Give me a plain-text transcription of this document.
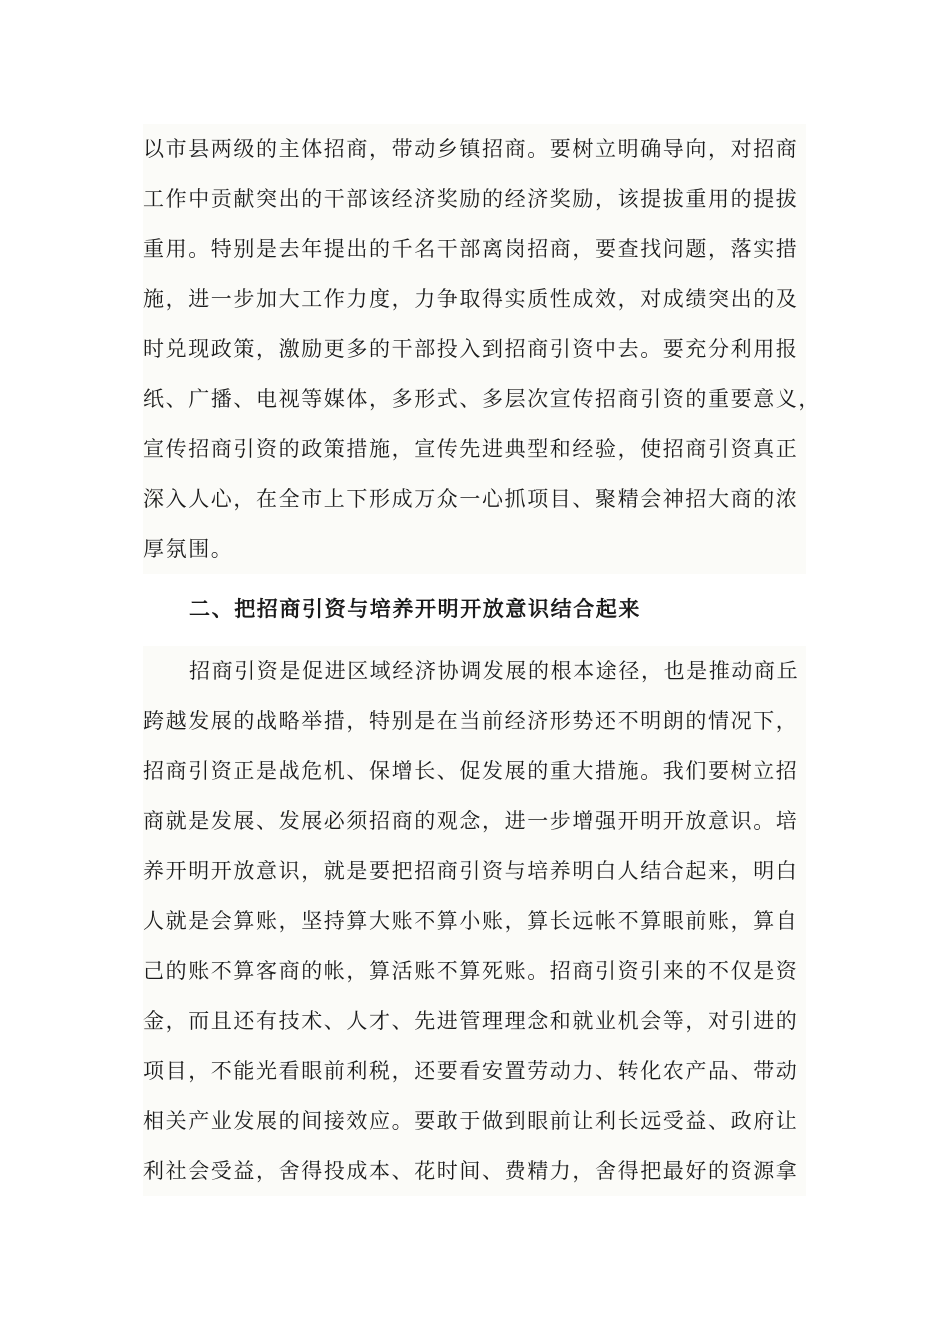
以市县两级的主体招商，带动乡镇招商。要树立明确导向，对招商
工作中贡献突出的干部该经济奖励的经济奖励，该提拔重用的提拔
重用。特别是去年提出的千名干部离岗招商，要查找问题，落实措
施，进一步加大工作力度，力争取得实质性成效，对成绩突出的及
时兑现政策，激励更多的干部投入到招商引资中去。要充分利用报
纸、广播、电视等媒体，多形式、多层次宣传招商引资的重要意义，
宣传招商引资的政策措施，宣传先进典型和经验，使招商引资真正
深入人心，在全市上下形成万众一心抓项目、聚精会神招大商的浓
厚氛围。

二、把招商引资与培养开明开放意识结合起来

招商引资是促进区域经济协调发展的根本途径，也是推动商丘
跨越发展的战略举措，特别是在当前经济形势还不明朗的情况下，
招商引资正是战危机、保增长、促发展的重大措施。我们要树立招
商就是发展、发展必须招商的观念，进一步增强开明开放意识。培
养开明开放意识，就是要把招商引资与培养明白人结合起来，明白
人就是会算账，坚持算大账不算小账，算长远帐不算眼前账，算自
己的账不算客商的帐，算活账不算死账。招商引资引来的不仅是资
金，而且还有技术、人才、先进管理理念和就业机会等，对引进的
项目，不能光看眼前利税，还要看安置劳动力、转化农产品、带动
相关产业发展的间接效应。要敢于做到眼前让利长远受益、政府让
利社会受益，舍得投成本、花时间、费精力，舍得把最好的资源拿
